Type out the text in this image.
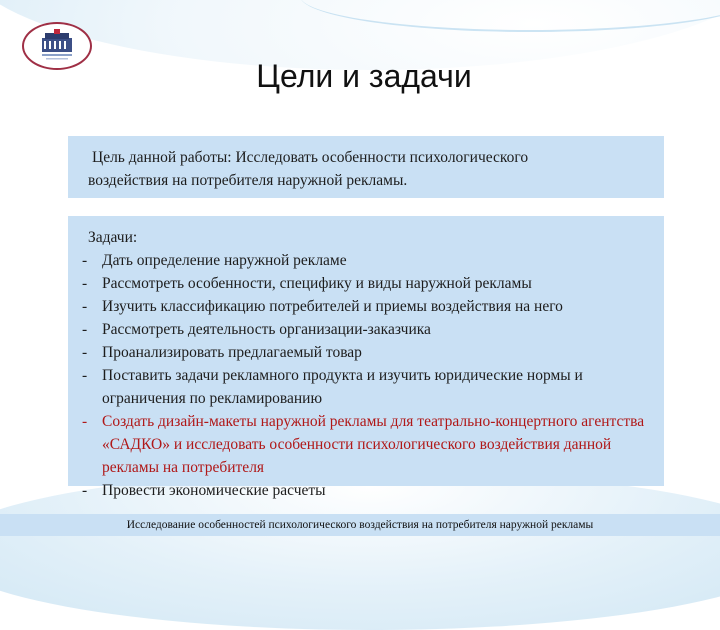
Цели и задачи
Цель данной работы: Исследовать особенности психологического
воздействия на потребителя наружной рекламы.
Задачи:
- Дать определение наружной рекламе
- Рассмотреть особенности, специфику и виды наружной рекламы
- Изучить классификацию потребителей и приемы воздействия на него
- Рассмотреть деятельность организации-заказчика
- Проанализировать предлагаемый товар
- Поставить задачи рекламного продукта и изучить юридические нормы и ограничения по рекламированию
- Создать дизайн-макеты наружной рекламы для театрально-концертного агентства «САДКО» и исследовать особенности психологического воздействия данной рекламы на потребителя
- Провести экономические расчеты
Исследование особенностей психологического воздействия на потребителя наружной рекламы
